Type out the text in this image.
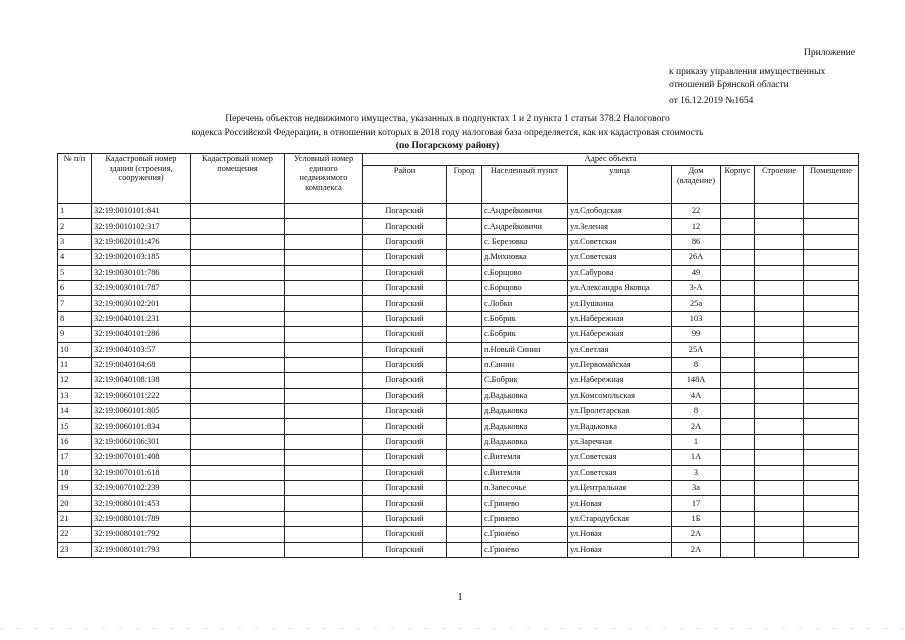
Приложение
к приказу управления имущественных
отношений Брянской области
от 16.12.2019 №1654
Перечень объектов недвижимого имущества, указанных в подпунктах 1 и 2 пункта 1 статьи 378.2 Налогового
кодекса Российской Федерации, в отношении которых в 2018 году налоговая база определяется, как их кадастровая стоимость
(по Погарскому району)
№ п/п	Кадастровый номер здания (строения, сооружения)	Кадастровый номер помещения	Условный номер единого недвижимого комплекса	Адрес объекта							
				Район	Город	Населенный пункт	улица	Дом (владение)	Корпус	Строение	Помещение
1	32:19:0010101:841			Погарский		с.Андрейковичи	ул.Слободская	22			
2	32:19:0010102:317			Погарский		с.Андрейковичи	ул.Зеленая	12			
3	32:19:0020101:476			Погарский		с. Березовка	ул.Советская	86			
4	32:19:0020103:185			Погарский		д.Михновка	ул.Советская	26А			
5	32:19:0030101:786			Погарский		с.Борщово	ул.Сабурова	49			
6	32:19:0030101:787			Погарский		с.Борщово	ул.Александра Яковца	3-А			
7	32:19:0030102:201			Погарский		с.Лобки	ул.Пушкина	25а			
8	32:19:0040101:231			Погарский		с.Бобрик	ул.Набережная	103			
9	32:19:0040101:286			Погарский		с.Бобрик	ул.Набережная	99			
10	32:19:0040103:57			Погарский		п.Новый Синин	ул.Светлая	25А			
11	32:19:0040104:68			Погарский		п.Синин	ул.Первомайская	8			
12	32:19:0040108:138			Погарский		С.Бобрик	ул.Набережная	148А			
13	32:19:0060101:222			Погарский		д.Вадьковка	ул.Комсомольская	4А			
14	32:19:0060101:805			Погарский		д.Вадьковка	ул.Пролетарская	8			
15	32:19:0060101:834			Погарский		д.Вадьковка	ул.Вадьковка	2А			
16	32:19:0060106:301			Погарский		д.Вадьковка	ул.Заречная	1			
17	32:19:0070101:408			Погарский		с.Витемля	ул.Советская	1А			
18	32:19:0070101:618			Погарский		с.Витемля	ул.Советская	3			
19	32:19:0070102:239			Погарский		п.Запесочье	ул.Центральная	3а			
20	32:19:0080101:453			Погарский		с.Гринево	ул.Новая	17			
21	32:19:0080101:789			Погарский		с.Гринево	ул.Стародубская	1Б			
22	32:19:0080101:792			Погарский		с.Гринево	ул.Новая	2А			
23	32:19:0080101:793			Погарский		с.Гринево	ул.Новая	2А			
1
